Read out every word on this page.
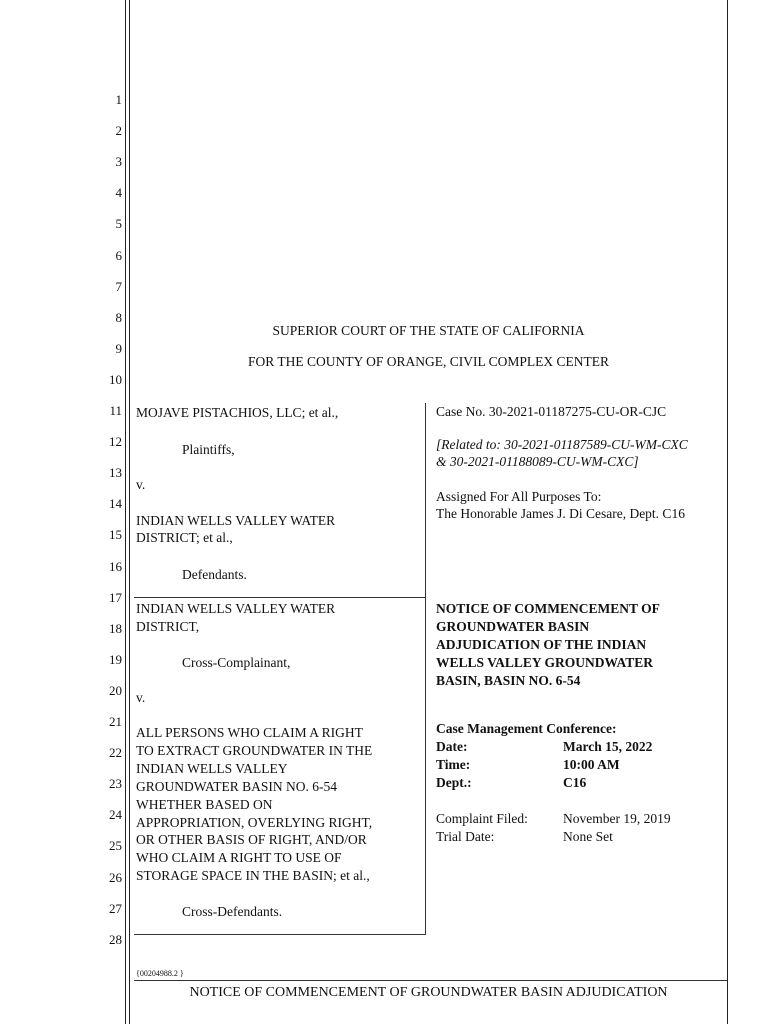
1
2
3
4
5
6
7
8
9
10
11
12
13
14
15
16
17
18
19
20
21
22
23
24
25
26
27
28
SUPERIOR COURT OF THE STATE OF CALIFORNIA
FOR THE COUNTY OF ORANGE, CIVIL COMPLEX CENTER
MOJAVE PISTACHIOS, LLC; et al.,
Plaintiffs,
v.
INDIAN WELLS VALLEY WATER
DISTRICT; et al.,
Defendants.
INDIAN WELLS VALLEY WATER
DISTRICT,
Cross-Complainant,
v.
ALL PERSONS WHO CLAIM A RIGHT
TO EXTRACT GROUNDWATER IN THE
INDIAN WELLS VALLEY
GROUNDWATER BASIN NO. 6-54
WHETHER BASED ON
APPROPRIATION, OVERLYING RIGHT,
OR OTHER BASIS OF RIGHT, AND/OR
WHO CLAIM A RIGHT TO USE OF
STORAGE SPACE IN THE BASIN; et al.,
Cross-Defendants.
Case No. 30-2021-01187275-CU-OR-CJC
[Related to: 30-2021-01187589-CU-WM-CXC
& 30-2021-01188089-CU-WM-CXC]
Assigned For All Purposes To:
The Honorable James J. Di Cesare, Dept. C16
NOTICE OF COMMENCEMENT OF
GROUNDWATER BASIN
ADJUDICATION OF THE INDIAN
WELLS VALLEY GROUNDWATER
BASIN, BASIN NO. 6-54
Case Management Conference:
Date:	March 15, 2022
Time:	10:00 AM
Dept.:	C16
Complaint Filed:	November 19, 2019
Trial Date:	None Set
{00204988.2 }
NOTICE OF COMMENCEMENT OF GROUNDWATER BASIN ADJUDICATION
